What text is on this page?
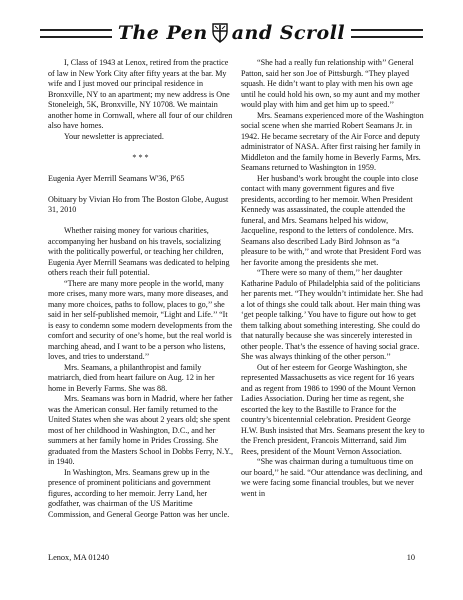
The Pen and Scroll

I, Class of 1943 at Lenox, retired from the practice of law in New York City after fifty years at the bar. My wife and I just moved our principal residence in Bronxville, NY to an apartment; my new address is One Stoneleigh, 5K, Bronxville, NY 10708. We maintain another home in Cornwall, where all four of our children also have homes.

Your newsletter is appreciated.

* * *

Eugenia Ayer Merrill Seamans W'36, P'65

Obituary by Vivian Ho from The Boston Globe, August 31, 2010

Whether raising money for various charities, accompanying her husband on his travels, socializing with the politically powerful, or teaching her children, Eugenia Ayer Merrill Seamans was dedicated to helping others reach their full potential.

“There are many more people in the world, many more crises, many more wars, many more diseases, and many more choices, paths to follow, places to go,’’ she said in her self-published memoir, “Light and Life.’’ “It is easy to condemn some modern developments from the comfort and security of one’s home, but the real world is marching ahead, and I want to be a person who listens, loves, and tries to understand.’’

Mrs. Seamans, a philanthropist and family matriarch, died from heart failure on Aug. 12 in her home in Beverly Farms. She was 88.

Mrs. Seamans was born in Madrid, where her father was the American consul. Her family returned to the United States when she was about 2 years old; she spent most of her childhood in Washington, D.C., and her summers at her family home in Prides Crossing. She graduated from the Masters School in Dobbs Ferry, N.Y., in 1940.

In Washington, Mrs. Seamans grew up in the presence of prominent politicians and government figures, according to her memoir. Jerry Land, her godfather, was chairman of the US Maritime Commission, and General George Patton was her uncle.

“She had a really fun relationship with’’ General Patton, said her son Joe of Pittsburgh. “They played squash. He didn’t want to play with men his own age until he could hold his own, so my aunt and my mother would play with him and get him up to speed.’’

Mrs. Seamans experienced more of the Washington social scene when she married Robert Seamans Jr. in 1942. He became secretary of the Air Force and deputy administrator of NASA. After first raising her family in Middleton and the family home in Beverly Farms, Mrs. Seamans returned to Washington in 1959.

Her husband’s work brought the couple into close contact with many government figures and five presidents, according to her memoir. When President Kennedy was assassinated, the couple attended the funeral, and Mrs. Seamans helped his widow, Jacqueline, respond to the letters of condolence. Mrs. Seamans also described Lady Bird Johnson as “a pleasure to be with,’’ and wrote that President Ford was her favorite among the presidents she met.

“There were so many of them,’’ her daughter Katharine Padulo of Philadelphia said of the politicians her parents met. “They wouldn’t intimidate her. She had a lot of things she could talk about. Her main thing was ‘get people talking.’ You have to figure out how to get them talking about something interesting. She could do that naturally because she was sincerely interested in other people. That’s the essence of having social grace. She was always thinking of the other person.’’

Out of her esteem for George Washington, she represented Massachusetts as vice regent for 16 years and as regent from 1986 to 1990 of the Mount Vernon Ladies Association. During her time as regent, she escorted the key to the Bastille to France for the country’s bicentennial celebration. President George H.W. Bush insisted that Mrs. Seamans present the key to the French president, Francois Mitterrand, said Jim Rees, president of the Mount Vernon Association.

“She was chairman during a tumultuous time on our board,’’ he said. “Our attendance was declining, and we were facing some financial troubles, but we never went in

Lenox, MA 01240	10
